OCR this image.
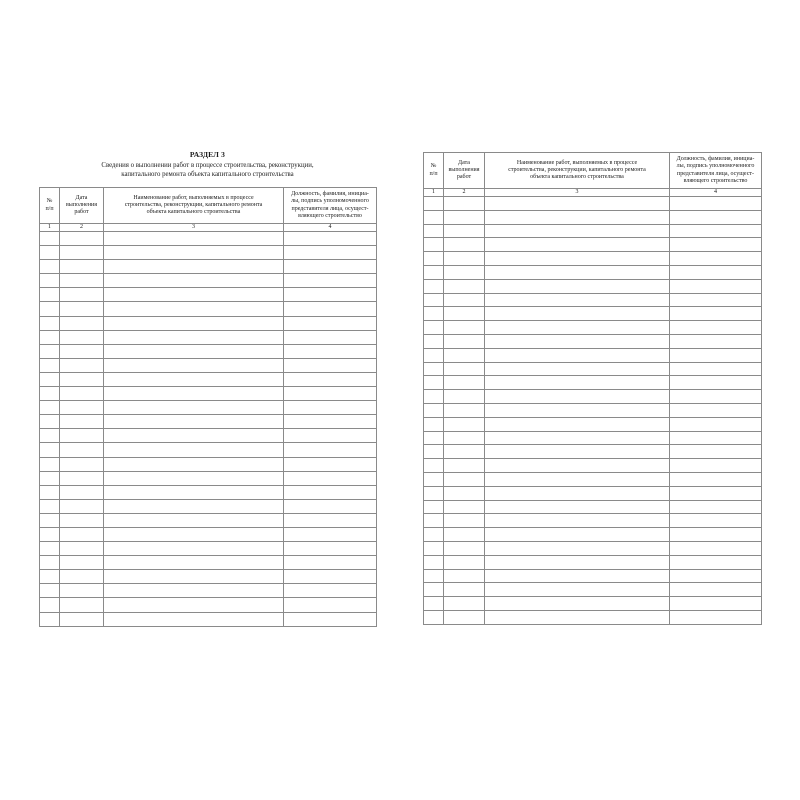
РАЗДЕЛ 3
Сведения о выполнении работ в процессе строительства, реконструкции,
капитального ремонта объекта капитального строительства
№
п/п	Дата
выполнения
работ	Наименование работ, выполняемых в процессе
строительства, реконструкции, капитального ремонта
объекта капитального строительства	Должность, фамилия, инициа-
лы, подпись уполномоченного
представителя лица, осущест-
вляющего строительство

1	2	3	4

№
п/п	Дата
выполнения
работ	Наименование работ, выполняемых в процессе
строительства, реконструкции, капитального ремонта
объекта капитального строительства	Должность, фамилия, инициа-
лы, подпись уполномоченного
представителя лица, осущест-
вляющего строительство

1	2	3	4
